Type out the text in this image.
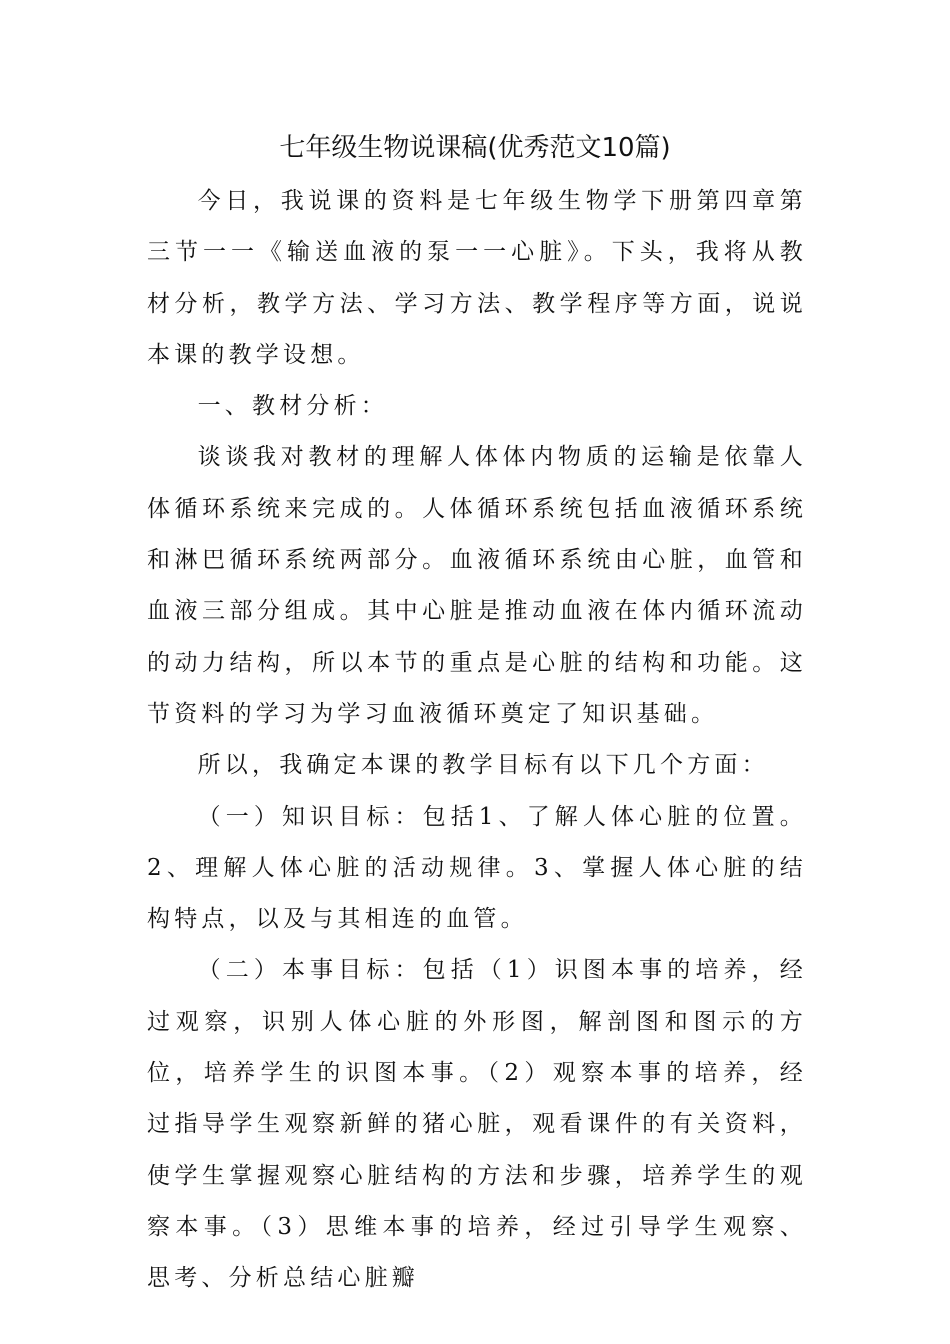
七年级生物说课稿(优秀范文10篇)

今日，我说课的资料是七年级生物学下册第四章第三节一一《输送血液的泵一一心脏》。下头，我将从教材分析，教学方法、学习方法、教学程序等方面，说说本课的教学设想。

一、教材分析：

谈谈我对教材的理解人体体内物质的运输是依靠人体循环系统来完成的。人体循环系统包括血液循环系统和淋巴循环系统两部分。血液循环系统由心脏，血管和血液三部分组成。其中心脏是推动血液在体内循环流动的动力结构，所以本节的重点是心脏的结构和功能。这节资料的学习为学习血液循环奠定了知识基础。

所以，我确定本课的教学目标有以下几个方面：

（一）知识目标：包括1、了解人体心脏的位置。2、理解人体心脏的活动规律。3、掌握人体心脏的结构特点，以及与其相连的血管。

（二）本事目标：包括（1）识图本事的培养，经过观察，识别人体心脏的外形图，解剖图和图示的方位，培养学生的识图本事。（2）观察本事的培养，经过指导学生观察新鲜的猪心脏，观看课件的有关资料，使学生掌握观察心脏结构的方法和步骤，培养学生的观察本事。（3）思维本事的培养，经过引导学生观察、思考、分析总结心脏瓣
